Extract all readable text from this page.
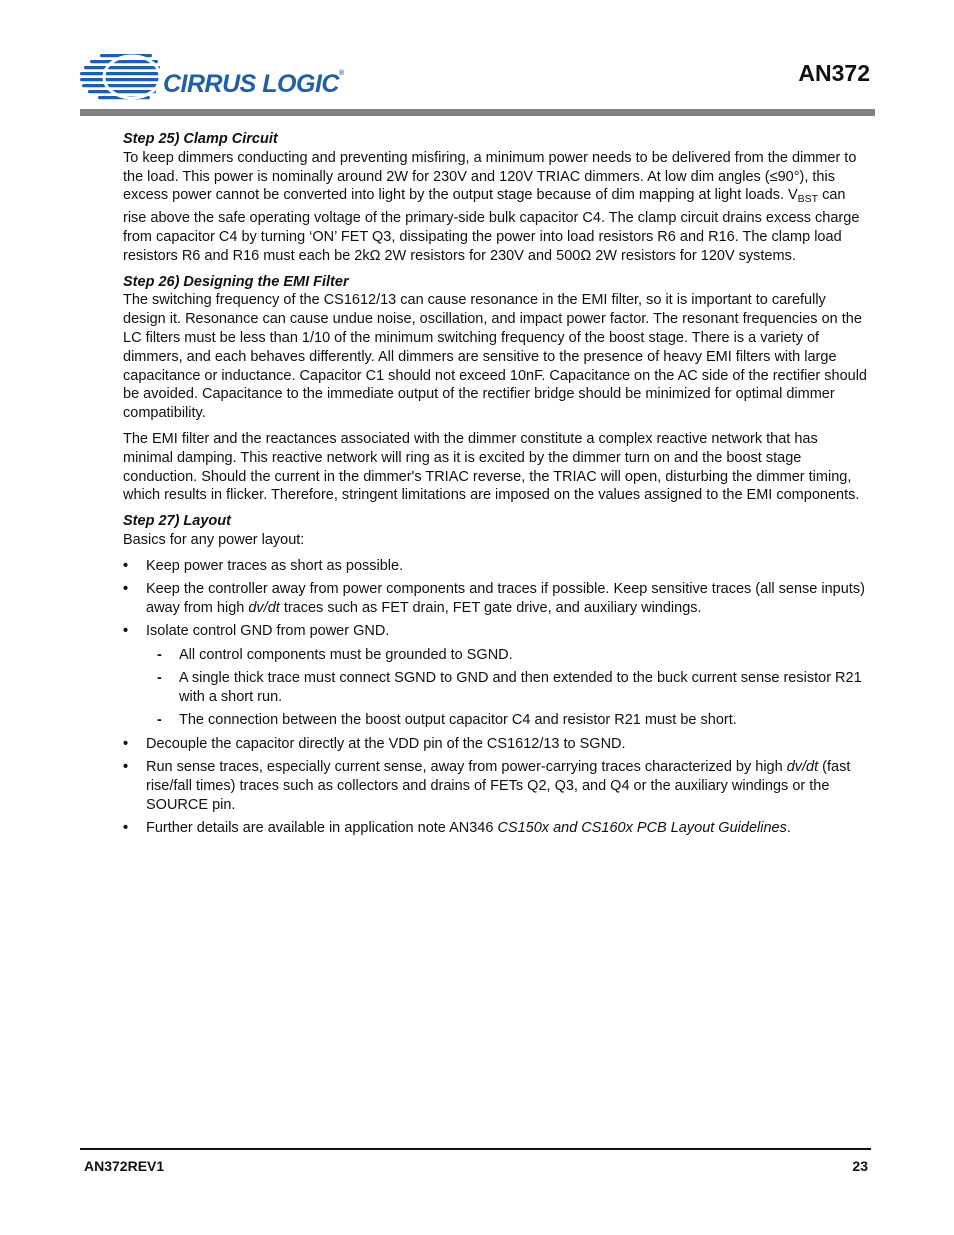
CIRRUS LOGIC®	AN372
Step 25) Clamp Circuit

To keep dimmers conducting and preventing misfiring, a minimum power needs to be delivered from the dimmer to the load. This power is nominally around 2W for 230V and 120V TRIAC dimmers. At low dim angles (≤90°), this excess power cannot be converted into light by the output stage because of dim mapping at light loads. $V_{BST}$ can rise above the safe operating voltage of the primary-side bulk capacitor C4. The clamp circuit drains excess charge from capacitor C4 by turning ‘ON’ FET Q3, dissipating the power into load resistors R6 and R16. The clamp load resistors R6 and R16 must each be 2kΩ 2W resistors for 230V and 500Ω 2W resistors for 120V systems.

Step 26) Designing the EMI Filter

The switching frequency of the CS1612/13 can cause resonance in the EMI filter, so it is important to carefully design it. Resonance can cause undue noise, oscillation, and impact power factor. The resonant frequencies on the LC filters must be less than 1/10 of the minimum switching frequency of the boost stage. There is a variety of dimmers, and each behaves differently. All dimmers are sensitive to the presence of heavy EMI filters with large capacitance or inductance. Capacitor C1 should not exceed 10nF. Capacitance on the AC side of the rectifier should be avoided. Capacitance to the immediate output of the rectifier bridge should be minimized for optimal dimmer compatibility.

The EMI filter and the reactances associated with the dimmer constitute a complex reactive network that has minimal damping. This reactive network will ring as it is excited by the dimmer turn on and the boost stage conduction. Should the current in the dimmer's TRIAC reverse, the TRIAC will open, disturbing the dimmer timing, which results in flicker. Therefore, stringent limitations are imposed on the values assigned to the EMI components.

Step 27) Layout

Basics for any power layout:

• Keep power traces as short as possible.
• Keep the controller away from power components and traces if possible. Keep sensitive traces (all sense inputs) away from high dv/dt traces such as FET drain, FET gate drive, and auxiliary windings.
• Isolate control GND from power GND.
- All control components must be grounded to SGND.
- A single thick trace must connect SGND to GND and then extended to the buck current sense resistor R21 with a short run.
- The connection between the boost output capacitor C4 and resistor R21 must be short.
• Decouple the capacitor directly at the VDD pin of the CS1612/13 to SGND.
• Run sense traces, especially current sense, away from power-carrying traces characterized by high dv/dt (fast rise/fall times) traces such as collectors and drains of FETs Q2, Q3, and Q4 or the auxiliary windings or the SOURCE pin.
• Further details are available in application note AN346 CS150x and CS160x PCB Layout Guidelines.
AN372REV1	23
